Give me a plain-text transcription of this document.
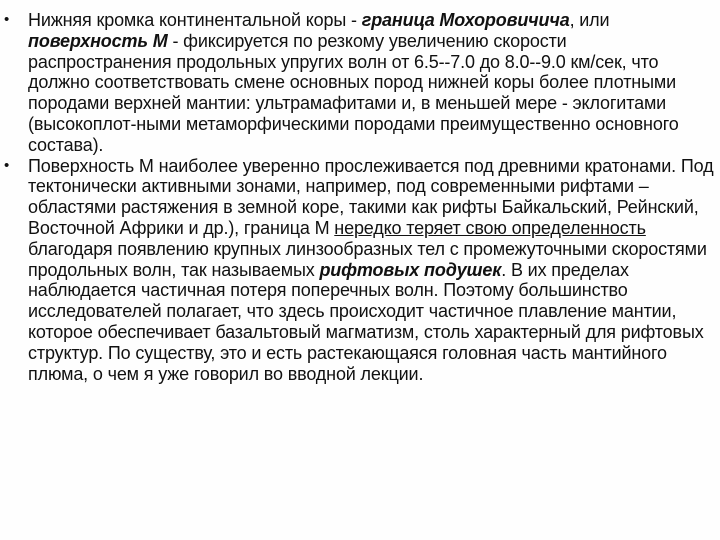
• Нижняя кромка континентальной коры - граница Мохоровичича, или поверхность М - фиксируется по резкому увеличению скорости распространения продольных упругих волн от 6.5--7.0 до 8.0--9.0 км/сек, что должно соответствовать смене основных пород нижней коры более плотными породами верхней мантии: ультрамафитами и, в меньшей мере - эклогитами (высокоплот-ными метаморфическими породами преимущественно основного состава).
• Поверхность М наиболее уверенно прослеживается под древними кратонами. Под тектонически активными зонами, например, под современными рифтами – областями растяжения в земной коре, такими как рифты Байкальский, Рейнский, Восточной Африки и др.), граница М нередко теряет свою определенность благодаря появлению крупных линзообразных тел с промежуточными скоростями продольных волн, так называемых рифтовых подушек. В их пределах наблюдается частичная потеря поперечных волн. Поэтому большинство исследователей полагает, что здесь происходит частичное плавление мантии, которое обеспечивает базальтовый магматизм, столь характерный для рифтовых структур. По существу, это и есть растекающаяся головная часть мантийного плюма, о чем я уже говорил во вводной лекции.
